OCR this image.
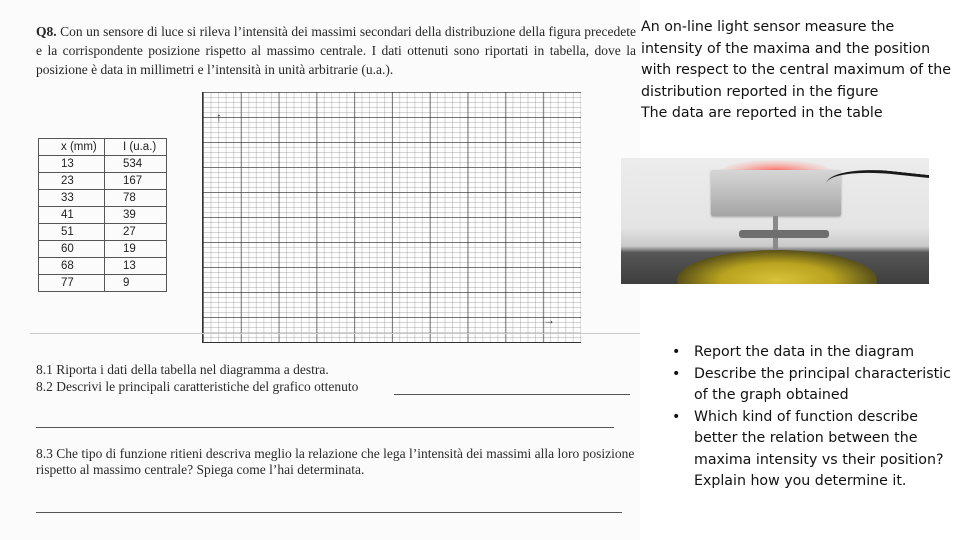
Q8. Con un sensore di luce si rileva l’intensità dei massimi secondari della distribuzione della figura precedete e la corrispondente posizione rispetto al massimo centrale. I dati ottenuti sono riportati in tabella, dove la posizione è data in millimetri e l’intensità in unità arbitrarie (u.a.).
x (mm)	I (u.a.)
13	534
23	167
33	78
41	39
51	27
60	19
68	13
77	9
↑
→
8.1 Riporta i dati della tabella nel diagramma a destra.
8.2 Descrivi le principali caratteristiche del grafico ottenuto
8.3 Che tipo di funzione ritieni descriva meglio la relazione che lega l’intensità dei massimi alla loro posizione rispetto al massimo centrale? Spiega come l’hai determinata.
An on-line light sensor measure the intensity of the maxima and the position with respect to the central maximum of the distribution reported in the figure
The data are reported in the table
• Report the data in the diagram
• Describe the principal characteristic of the graph obtained
• Which kind of function describe better the relation between the maxima intensity vs their position? Explain how you determine it.
